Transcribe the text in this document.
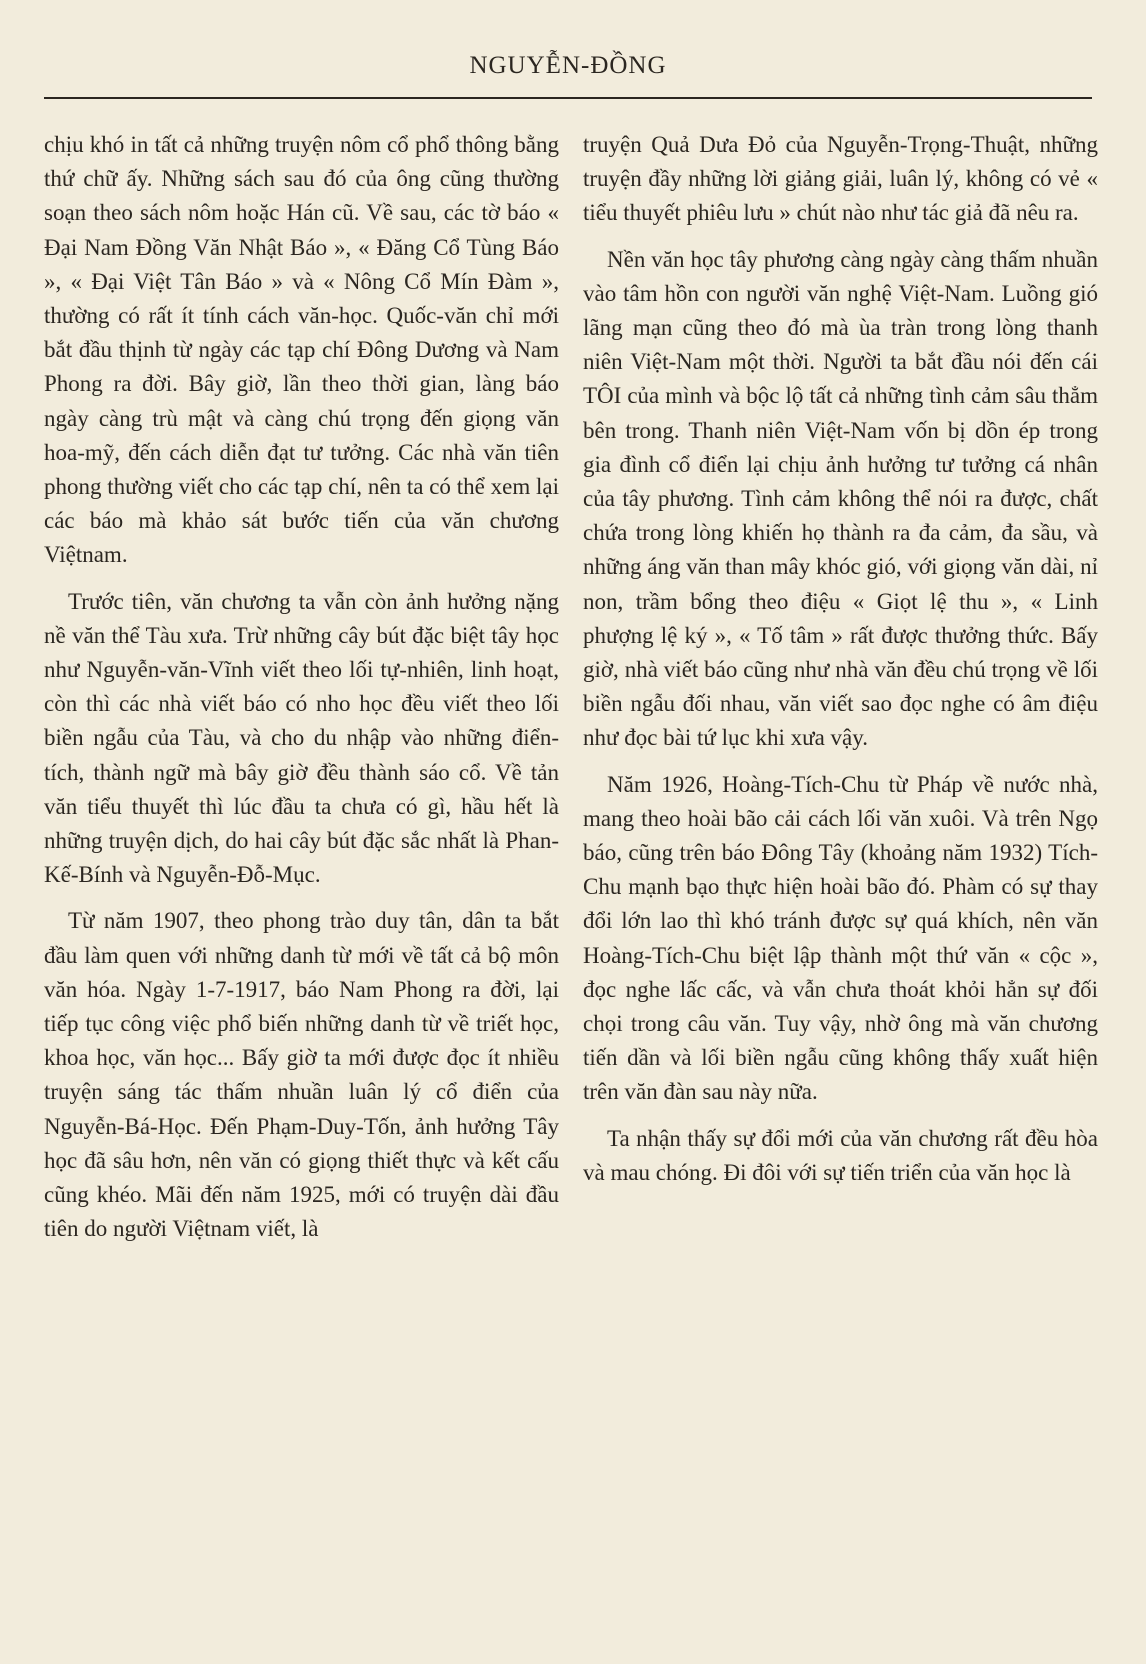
NGUYỄN-ĐỒNG

chịu khó in tất cả những truyện nôm cổ phổ thông bằng thứ chữ ấy. Những sách sau đó của ông cũng thường soạn theo sách nôm hoặc Hán cũ. Về sau, các tờ báo « Đại Nam Đồng Văn Nhật Báo », « Đăng Cổ Tùng Báo », « Đại Việt Tân Báo » và « Nông Cổ Mín Đàm », thường có rất ít tính cách văn-học. Quốc-văn chỉ mới bắt đầu thịnh từ ngày các tạp chí Đông Dương và Nam Phong ra đời. Bây giờ, lần theo thời gian, làng báo ngày càng trù mật và càng chú trọng đến giọng văn hoa-mỹ, đến cách diễn đạt tư tưởng. Các nhà văn tiên phong thường viết cho các tạp chí, nên ta có thể xem lại các báo mà khảo sát bước tiến của văn chương Việtnam.

Trước tiên, văn chương ta vẫn còn ảnh hưởng nặng nề văn thể Tàu xưa. Trừ những cây bút đặc biệt tây học như Nguyễn-văn-Vĩnh viết theo lối tự-nhiên, linh hoạt, còn thì các nhà viết báo có nho học đều viết theo lối biền ngẫu của Tàu, và cho du nhập vào những điển-tích, thành ngữ mà bây giờ đều thành sáo cổ. Về tản văn tiểu thuyết thì lúc đầu ta chưa có gì, hầu hết là những truyện dịch, do hai cây bút đặc sắc nhất là Phan-Kế-Bính và Nguyễn-Đỗ-Mục.

Từ năm 1907, theo phong trào duy tân, dân ta bắt đầu làm quen với những danh từ mới về tất cả bộ môn văn hóa. Ngày 1-7-1917, báo Nam Phong ra đời, lại tiếp tục công việc phổ biến những danh từ về triết học, khoa học, văn học... Bấy giờ ta mới được đọc ít nhiều truyện sáng tác thấm nhuần luân lý cổ điển của Nguyễn-Bá-Học. Đến Phạm-Duy-Tốn, ảnh hưởng Tây học đã sâu hơn, nên văn có giọng thiết thực và kết cấu cũng khéo. Mãi đến năm 1925, mới có truyện dài đầu tiên do người Việtnam viết, là

truyện Quả Dưa Đỏ của Nguyễn-Trọng-Thuật, những truyện đầy những lời giảng giải, luân lý, không có vẻ « tiểu thuyết phiêu lưu » chút nào như tác giả đã nêu ra.

Nền văn học tây phương càng ngày càng thấm nhuần vào tâm hồn con người văn nghệ Việt-Nam. Luồng gió lãng mạn cũng theo đó mà ùa tràn trong lòng thanh niên Việt-Nam một thời. Người ta bắt đầu nói đến cái TÔI của mình và bộc lộ tất cả những tình cảm sâu thẳm bên trong. Thanh niên Việt-Nam vốn bị dồn ép trong gia đình cổ điển lại chịu ảnh hưởng tư tưởng cá nhân của tây phương. Tình cảm không thể nói ra được, chất chứa trong lòng khiến họ thành ra đa cảm, đa sầu, và những áng văn than mây khóc gió, với giọng văn dài, nỉ non, trầm bổng theo điệu « Giọt lệ thu », « Linh phượng lệ ký », « Tố tâm » rất được thưởng thức. Bấy giờ, nhà viết báo cũng như nhà văn đều chú trọng về lối biền ngẫu đối nhau, văn viết sao đọc nghe có âm điệu như đọc bài tứ lục khi xưa vậy.

Năm 1926, Hoàng-Tích-Chu từ Pháp về nước nhà, mang theo hoài bão cải cách lối văn xuôi. Và trên Ngọ báo, cũng trên báo Đông Tây (khoảng năm 1932) Tích-Chu mạnh bạo thực hiện hoài bão đó. Phàm có sự thay đổi lớn lao thì khó tránh được sự quá khích, nên văn Hoàng-Tích-Chu biệt lập thành một thứ văn « cộc », đọc nghe lấc cấc, và vẫn chưa thoát khỏi hẳn sự đối chọi trong câu văn. Tuy vậy, nhờ ông mà văn chương tiến dần và lối biền ngẫu cũng không thấy xuất hiện trên văn đàn sau này nữa.

Ta nhận thấy sự đổi mới của văn chương rất đều hòa và mau chóng. Đi đôi với sự tiến triển của văn học là
